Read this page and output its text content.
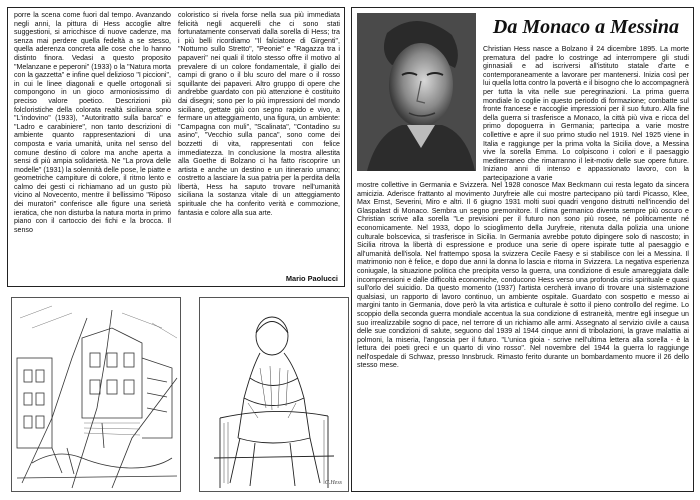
porre la scena come fuori dal tempo. Avanzando negli anni, la pittura di Hess accoglie altre suggestioni, si arricchisce di nuove cadenze, ma senza mai perdere quella fedeltà a se stesso, quella aderenza concreta alle cose che lo hanno distinto finora. Vedasi a questo proposito "Melanzane e peperoni" (1933) o la "Natura morta con la gazzetta" e infine quel delizioso "I piccioni", in cui le linee diagonali e quelle ortogonali si compongono in un gioco armoniosissimo di preciso valore poetico. Descrizioni più folcloristiche della colorata realtà siciliana sono "L'indovino" (1933), "Autoritratto sulla barca" e "Ladro e carabiniere", non tanto descrizioni di ambiente quanto rappresentazioni di una composta e varia umanità, unita nel senso del comune destino di colore ma anche aperta a sensi di più ampia solidarietà. Ne "La prova delle modelle" (1931) la solennità delle pose, le piatte e geometriche campiture di colore, il ritmo lento e calmo dei gesti ci richiamano ad un gusto più vicino al Novecento, mentre il bellissimo "Riposo dei muratori" conferisce alle figure una serietà ieratica, che non disturba la natura morta in primo piano con il cartoccio dei fichi e la brocca. Il senso

coloristico si rivela forse nella sua più immediata felicità negli acquerelli che ci sono stati fortunatamente conservati dalla sorella di Hess; tra i più belli ricordiamo "Il falciatore di Girgenti", "Notturno sullo Stretto", "Peonie" e "Ragazza tra i papaveri" nei quali il titolo stesso offre il motivo al prevalere di un colore fondamentale, il giallo dei campi di grano o il blu scuro del mare o il rosso squillante dei papaveri. Altro gruppo di opere che andrebbe guardato con più attenzione è costituito dai disegni; sono per lo più impressioni del mondo siciliano, gettate giù con segno rapido e vivo, a fermare un atteggiamento, una figura, un ambiente: "Campagna con muli", "Scalinata", "Contadino su asino", "Vecchio sulla panca", sono come dei bozzetti di vita, rappresentati con felice immediatezza. In conclusione la mostra allestita alla Goethe di Bolzano ci ha fatto riscoprire un artista e anche un destino e un itinerario umano; costretto a lasciare la sua patria per la perdita della libertà, Hess ha saputo trovare nell'umanità siciliana la sostanza vitale di un atteggiamento spirituale che ha conferito verità e commozione, fantasia e colore alla sua arte.

Mario Paolucci
C.Hess
Da Monaco a Messina

Christian Hess nasce a Bolzano il 24 dicembre 1895. La morte prematura del padre lo costringe ad interrompere gli studi ginnasiali e ad iscriversi all'istituto statale d'arte e contemporaneamente a lavorare per mantenersi. Inizia così per lui quella lotta contro la povertà e il bisogno che lo accompagnerà per tutta la vita nelle sue peregrinazioni. La prima guerra mondiale lo coglie in questo periodo di formazione; combatte sul fronte francese e raccoglie impressioni per il suo futuro. Alla fine della guerra si trasferisce a Monaco, la città più viva e ricca del primo dopoguerra in Germania; partecipa a varie mostre collettive e apre il suo primo studio nel 1919. Nel 1925 viene in Italia e raggiunge per la prima volta la Sicilia dove, a Messina vive la sorella Emma. Lo colpiscono i colori e il paesaggio mediterraneo che rimarranno il leit-motiv delle sue opere future. Iniziano anni di intenso e appassionato lavoro, con la partecipazione a varie

mostre collettive in Germania e Svizzera. Nel 1928 conosce Max Beckmann cui resta legato da sincera amicizia. Aderisce frattanto al movimento Juryfreie alle cui mostre partecipano più tardi Picasso, Klee, Max Ernst, Severini, Miro e altri. Il 6 giugno 1931 molti suoi quadri vengono distrutti nell'incendio del Glaspalast di Monaco. Sembra un segno premonitore. Il clima germanico diventa sempre più oscuro e Christian scrive alla sorella "Le previsioni per il futuro non sono più rosee, né politicamente né economicamente. Nel 1933, dopo lo scioglimento della Juryfreie, ritenuta dalla polizia una unione culturale bolscevica, si trasferisce in Sicilia. In Germania avrebbe potuto dipingere solo di nascosto; in Sicilia ritrova la libertà di espressione e produce una serie di opere ispirate tutte al paesaggio e all'umanità dell'isola. Nel frattempo sposa la svizzera Cecile Faesy e si stabilisce con lei a Messina. Il matrimonio non è felice, e dopo due anni la donna lo lascia e ritorna in Svizzera. La negativa esperienza coniugale, la situazione politica che precipita verso la guerra, una condizione di esule amareggiata dalle incomprensioni e dalle difficoltà economiche, conducono Hess verso una profonda crisi spirituale e quasi sull'orlo del suicidio. Da questo momento (1937) l'artista cercherà invano di trovare una sistemazione qualsiasi, un rapporto di lavoro continuo, un ambiente ospitale. Guardato con sospetto e messo ai margini tanto in Germania, dove però la vita artistica e culturale è sotto il pieno controllo del regime. Lo scoppio della seconda guerra mondiale accentua la sua condizione di estraneità, mentre egli insegue un suo irrealizzabile sogno di pace, nel terrore di un richiamo alle armi. Assegnato al servizio civile a causa delle sue condizioni di salute, seguono dal 1939 al 1944 cinque anni di tribolazioni, la grave malattia ai polmoni, la miseria, l'angoscia per il futuro. "L'unica gioia - scrive nell'ultima lettera alla sorella - è la lettura dei poeti greci e un quarto di vino rosso". Nel novembre del 1944 la guerra lo raggiunge nell'ospedale di Schwaz, presso Innsbruck. Rimasto ferito durante un bombardamento muore il 26 dello stesso mese.
